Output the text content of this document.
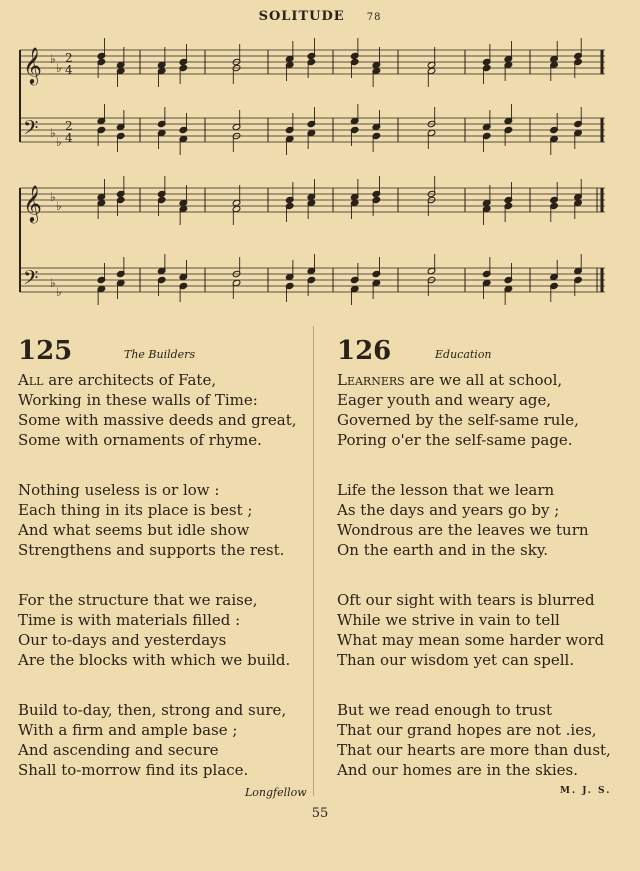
SOLITUDE 78
𝄞
𝄢
♭
♭
♭
♭
2
4
2
4
𝄞
𝄢
♭
♭
♭
♭
125	The Builders
All are architects of Fate,
Working in these walls of Time:
Some with massive deeds and great,
Some with ornaments of rhyme.
Nothing useless is or low :
Each thing in its place is best ;
And what seems but idle show
Strengthens and supports the rest.
For the structure that we raise,
Time is with materials filled :
Our to-days and yesterdays
Are the blocks with which we build.
Build to-day, then, strong and sure,
With a firm and ample base ;
And ascending and secure
Shall to-morrow find its place.
126	Education
Learners are we all at school,
Eager youth and weary age,
Governed by the self-same rule,
Poring o'er the self-same page.
Life the lesson that we learn
As the days and years go by ;
Wondrous are the leaves we turn
On the earth and in the sky.
Oft our sight with tears is blurred
While we strive in vain to tell
What may mean some harder word
Than our wisdom yet can spell.
But we read enough to trust
That our grand hopes are not .ies,
That our hearts are more than dust,
And our homes are in the skies.
Longfellow	M. J. S.
55
